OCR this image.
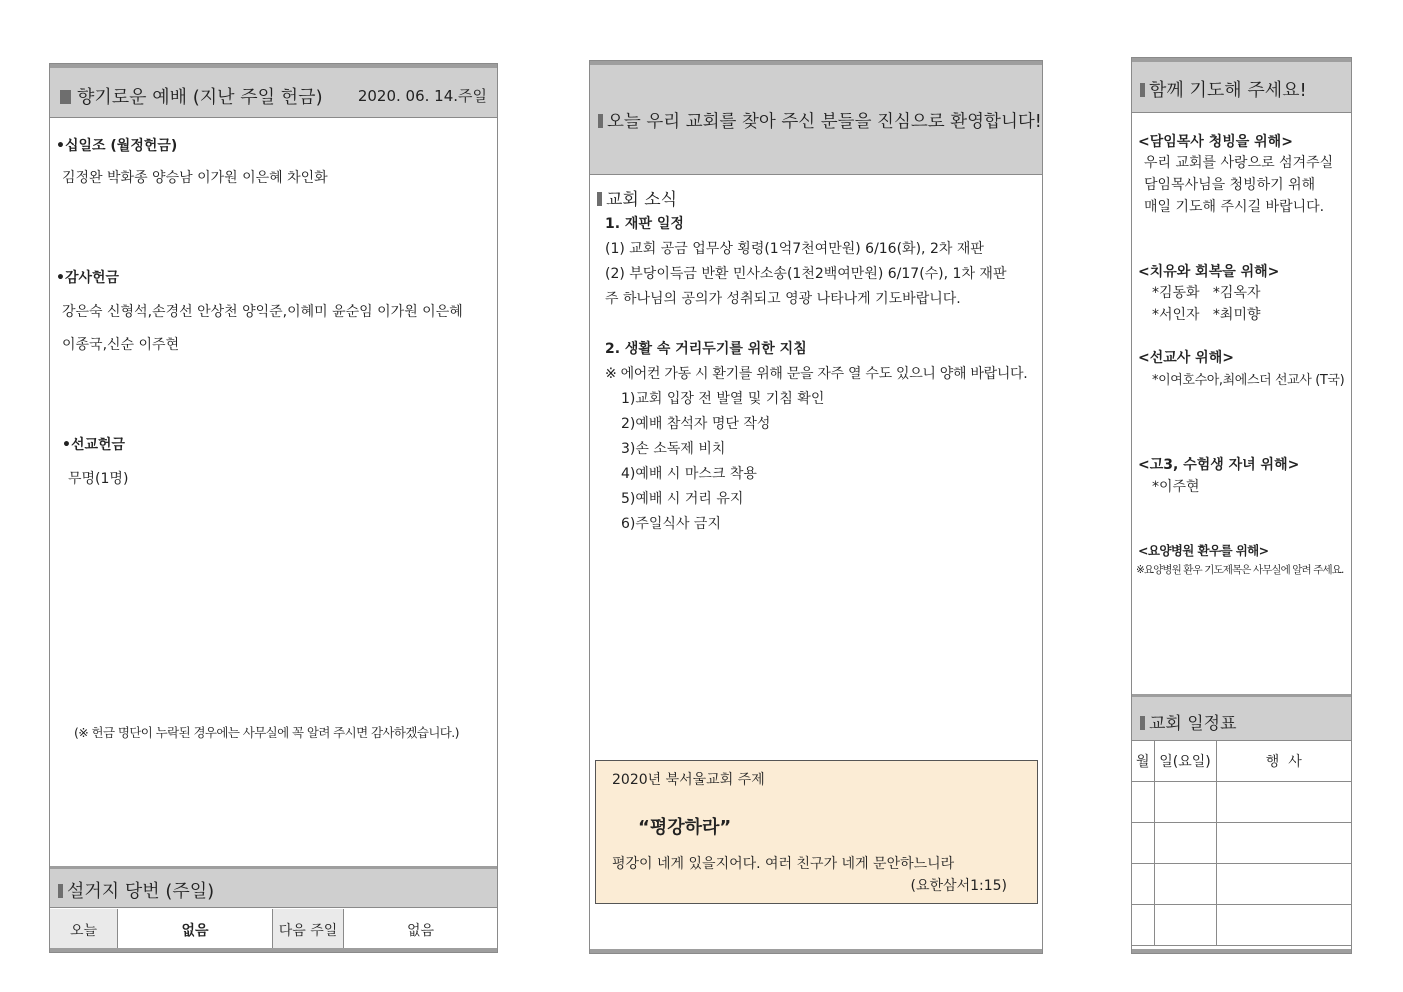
향기로운 예배 (지난 주일 헌금) 2020. 06. 14.주일
•십일조 (월정헌금)
김정완 박화종 양승남 이가원 이은혜 차인화
•감사헌금
강은숙 신형석,손경선 안상천 양익준,이혜미 윤순임 이가원 이은혜
이종국,신순 이주현
•선교헌금
무명(1명)
(※ 헌금 명단이 누락된 경우에는 사무실에 꼭 알려 주시면 감사하겠습니다.)
설거지 당번 (주일)
오늘	없음	다음 주일	없음
오늘 우리 교회를 찾아 주신 분들을 진심으로 환영합니다!
교회 소식
1. 재판 일정
(1) 교회 공금 업무상 횡령(1억7천여만원) 6/16(화), 2차 재판
(2) 부당이득금 반환 민사소송(1천2백여만원) 6/17(수), 1차 재판
주 하나님의 공의가 성취되고 영광 나타나게 기도바랍니다.
2. 생활 속 거리두기를 위한 지침
※ 에어컨 가동 시 환기를 위해 문을 자주 열 수도 있으니 양해 바랍니다.
1)교회 입장 전 발열 및 기침 확인
2)예배 참석자 명단 작성
3)손 소독제 비치
4)예배 시 마스크 착용
5)예배 시 거리 유지
6)주일식사 금지
2020년 북서울교회 주제
“평강하라”
평강이 네게 있을지어다. 여러 친구가 네게 문안하느니라
(요한삼서1:15)
함께 기도해 주세요!
<담임목사 청빙을 위해>
우리 교회를 사랑으로 섬겨주실
담임목사님을 청빙하기 위해
매일 기도해 주시길 바랍니다.
<치유와 회복을 위해>
*김동화   *김옥자
*서인자   *최미향
<선교사 위해>
*이여호수아,최에스더 선교사 (T국)
<고3, 수험생 자녀 위해>
*이주현
<요양병원 환우를 위해>
※요양병원 환우 기도제목은 사무실에 알려 주세요.
교회 일정표
월	일(요일)	행  사
